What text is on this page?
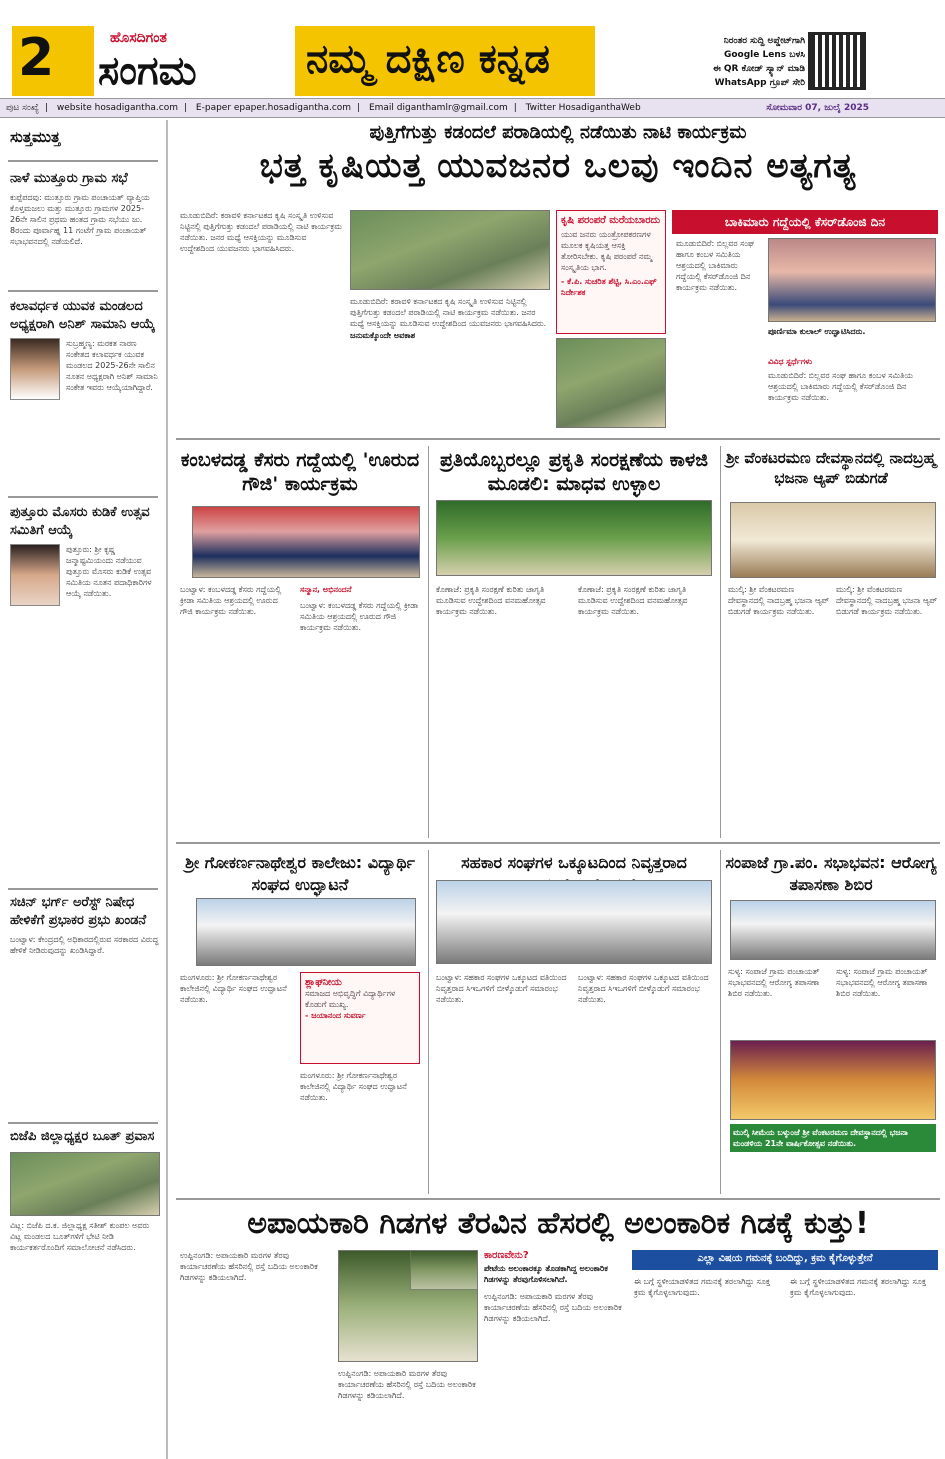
2	ಹೊಸದಿಗಂತ
ಸಂಗಮ	ನಮ್ಮ ದಕ್ಷಿಣ ಕನ್ನಡ	ನಿರಂತರ ಸುದ್ದಿ ಅಪ್ಡೇಟ್‌ಗಾಗಿ
Google Lens ಬಳಸಿ
ಈ QR ಕೋಡ್ ಸ್ಕ್ಯಾನ್ ಮಾಡಿ
WhatsApp ಗ್ರೂಪ್ ಸೇರಿ
ಪುಟ ಸಂಖ್ಯೆ | website hosadigantha.com | E-paper epaper.hosadigantha.com | Email diganthamlr@gmail.com | Twitter HosadiganthaWeb	ಸೋಮವಾರ 07, ಜುಲೈ 2025
ಸುತ್ತಮುತ್ತ
ನಾಳೆ ಮುತ್ತೂರು ಗ್ರಾಮ ಸಭೆ
ಕುಪ್ಪೆಪದವು: ಮುತ್ತೂರು ಗ್ರಾಮ ಪಂಚಾಯತ್ ವ್ಯಾಪ್ತಿಯ ಕೊಳ್ತಮಜಲು ಮತ್ತು ಮುತ್ತೂರು ಗ್ರಾಮಗಳ 2025-26ನೇ ಸಾಲಿನ ಪ್ರಥಮ ಹಂತದ ಗ್ರಾಮ ಸಭೆಯು ಜು. 8ರಂದು ಪೂರ್ವಾಹ್ನ 11 ಗಂಟೆಗೆ ಗ್ರಾಮ ಪಂಚಾಯತ್ ಸಭಾಭವನದಲ್ಲಿ ನಡೆಯಲಿದೆ.
ಕಲಾವರ್ಧಕ ಯುವಕ ಮಂಡಲದ ಅಧ್ಯಕ್ಷರಾಗಿ ಅನಿಶ್ ಸಾಮಾನಿ ಆಯ್ಕೆ
ಸುಬ್ರಹ್ಮಣ್ಯ: ಮರಕತ ನಾರಣ ಸಂಕೇತದ ಕಲಾವರ್ಧಕ ಯುವಕ ಮಂಡಲದ 2025-26ನೇ ಸಾಲಿನ ನೂತನ ಅಧ್ಯಕ್ಷರಾಗಿ ಅನಿಶ್ ಸಾಮಾನಿ ಸಂಕೇತ ಇವರು ಆಯ್ಕೆಯಾಗಿದ್ದಾರೆ.
ಪುತ್ತೂರು ಮೊಸರು ಕುಡಿಕೆ ಉತ್ಸವ ಸಮಿತಿಗೆ ಆಯ್ಕೆ
ಪುತ್ತೂರು: ಶ್ರೀ ಕೃಷ್ಣ ಜನ್ಮಾಷ್ಟಮಿಯಂದು ನಡೆಯುವ ಪುತ್ತೂರು ಮೊಸರು ಕುಡಿಕೆ ಉತ್ಸವ ಸಮಿತಿಯ ನೂತನ ಪದಾಧಿಕಾರಿಗಳ ಆಯ್ಕೆ ನಡೆಯಿತು.
ಸಚಿನ್ ಭರ್ಗ್ ಅರೆಸ್ಟ್ ನಿಷೇಧ ಹೇಳಿಕೆಗೆ ಪ್ರಭಾಕರ ಪ್ರಭು ಖಂಡನೆ
ಬಂಟ್ವಾಳ: ಕೇಂದ್ರದಲ್ಲಿ ಅಧಿಕಾರದಲ್ಲಿರುವ ಸರಕಾರದ ವಿರುದ್ಧ ಹೇಳಿಕೆ ನೀಡಿರುವುದನ್ನು ಖಂಡಿಸಿದ್ದಾರೆ.
ಬಿಜೆಪಿ ಜಿಲ್ಲಾಧ್ಯಕ್ಷರ ಬೂತ್ ಪ್ರವಾಸ
ವಿಟ್ಲ: ಬಿಜೆಪಿ ದ.ಕ. ಜಿಲ್ಲಾಧ್ಯಕ್ಷ ಸತೀಶ್ ಕುಂಪಲ ಅವರು ವಿಟ್ಲ ಮಂಡಲದ ಬೂತ್‌ಗಳಿಗೆ ಭೇಟಿ ನೀಡಿ ಕಾರ್ಯಕರ್ತರೊಂದಿಗೆ ಸಮಾಲೋಚನೆ ನಡೆಸಿದರು.
ಪುತ್ತಿಗೆಗುತ್ತು ಕಡಂದಲೆ ಪರಾಡಿಯಲ್ಲಿ ನಡೆಯಿತು ನಾಟಿ ಕಾರ್ಯಕ್ರಮ
ಭತ್ತ ಕೃಷಿಯತ್ತ ಯುವಜನರ ಒಲವು ಇಂದಿನ ಅತ್ಯಗತ್ಯ
ಮೂಡುಬಿದಿರೆ: ಕರಾವಳಿ ಕರ್ನಾಟಕದ ಕೃಷಿ ಸಂಸ್ಕೃತಿ ಉಳಿಸುವ ನಿಟ್ಟಿನಲ್ಲಿ ಪುತ್ತಿಗೆಗುತ್ತು ಕಡಂದಲೆ ಪರಾಡಿಯಲ್ಲಿ ನಾಟಿ ಕಾರ್ಯಕ್ರಮ ನಡೆಯಿತು. ಜನರ ಮಧ್ಯೆ ಆಸಕ್ತಿಯನ್ನು ಮೂಡಿಸುವ ಉದ್ದೇಶದಿಂದ ಯುವಜನರು ಭಾಗವಹಿಸಿದರು.
ಮೂಡುಬಿದಿರೆ: ಕರಾವಳಿ ಕರ್ನಾಟಕದ ಕೃಷಿ ಸಂಸ್ಕೃತಿ ಉಳಿಸುವ ನಿಟ್ಟಿನಲ್ಲಿ ಪುತ್ತಿಗೆಗುತ್ತು ಕಡಂದಲೆ ಪರಾಡಿಯಲ್ಲಿ ನಾಟಿ ಕಾರ್ಯಕ್ರಮ ನಡೆಯಿತು. ಜನರ ಮಧ್ಯೆ ಆಸಕ್ತಿಯನ್ನು ಮೂಡಿಸುವ ಉದ್ದೇಶದಿಂದ ಯುವಜನರು ಭಾಗವಹಿಸಿದರು.
ಜನುಮಕ್ಕೊಂದೇ ಅವಕಾಶ
ಕೃಷಿ ಪರಂಪರೆ ಮರೆಯಬಾರದು
ಯುವ ಜನರು ಯಂತ್ರೋಪಕರಣಗಳ ಮೂಲಕ ಕೃಷಿಯತ್ತ ಆಸಕ್ತಿ ತೋರಿಸಬೇಕು. ಕೃಷಿ ಪರಂಪರೆ ನಮ್ಮ ಸಂಸ್ಕೃತಿಯ ಭಾಗ.
- ಕೆ.ಪಿ. ಸುಚರಿತ ಶೆಟ್ಟಿ, ಸಿ.ಎಂ.ಎಫ್ ನಿರ್ದೇಶಕ
ಬಾಕಿಮಾರು ಗದ್ದೆಯಲ್ಲಿ ಕೆಸರ್‌ಡೊಂಜಿ ದಿನ
ಮೂಡುಬಿದಿರೆ: ಬಿಲ್ಲವರ ಸಂಘ ಹಾಗೂ ಕಂಬಳ ಸಮಿತಿಯ ಆಶ್ರಯದಲ್ಲಿ ಬಾಕಿಮಾರು ಗದ್ದೆಯಲ್ಲಿ ಕೆಸರ್‌ಡೊಂಜಿ ದಿನ ಕಾರ್ಯಕ್ರಮ ನಡೆಯಿತು.
ಪೂರ್ಣಿಮಾ ಕುಲಾಲ್ ಉದ್ಘಾಟಿಸಿದರು.
ವಿವಿಧ ಸ್ಪರ್ಧೆಗಳು
ಮೂಡುಬಿದಿರೆ: ಬಿಲ್ಲವರ ಸಂಘ ಹಾಗೂ ಕಂಬಳ ಸಮಿತಿಯ ಆಶ್ರಯದಲ್ಲಿ ಬಾಕಿಮಾರು ಗದ್ದೆಯಲ್ಲಿ ಕೆಸರ್‌ಡೊಂಜಿ ದಿನ ಕಾರ್ಯಕ್ರಮ ನಡೆಯಿತು.
ಕಂಬಳದಡ್ಡ ಕೆಸರು ಗದ್ದೆಯಲ್ಲಿ 'ಊರುದ ಗೌಜಿ' ಕಾರ್ಯಕ್ರಮ
ಬಂಟ್ವಾಳ: ಕಂಬಳದಡ್ಡ ಕೆಸರು ಗದ್ದೆಯಲ್ಲಿ ಕ್ರೀಡಾ ಸಮಿತಿಯ ಆಶ್ರಯದಲ್ಲಿ ಊರುದ ಗೌಜಿ ಕಾರ್ಯಕ್ರಮ ನಡೆಯಿತು.
ಸನ್ಮಾನ, ಅಭಿನಂದನೆ
ಬಂಟ್ವಾಳ: ಕಂಬಳದಡ್ಡ ಕೆಸರು ಗದ್ದೆಯಲ್ಲಿ ಕ್ರೀಡಾ ಸಮಿತಿಯ ಆಶ್ರಯದಲ್ಲಿ ಊರುದ ಗೌಜಿ ಕಾರ್ಯಕ್ರಮ ನಡೆಯಿತು.
ಪ್ರತಿಯೊಬ್ಬರಲ್ಲೂ ಪ್ರಕೃತಿ ಸಂರಕ್ಷಣೆಯ ಕಾಳಜಿ ಮೂಡಲಿ: ಮಾಧವ ಉಳ್ಳಾಲ
ಕೊಣಾಜೆ: ಪ್ರಕೃತಿ ಸಂರಕ್ಷಣೆ ಕುರಿತು ಜಾಗೃತಿ ಮೂಡಿಸುವ ಉದ್ದೇಶದಿಂದ ವನಮಹೋತ್ಸವ ಕಾರ್ಯಕ್ರಮ ನಡೆಯಿತು.
ಕೊಣಾಜೆ: ಪ್ರಕೃತಿ ಸಂರಕ್ಷಣೆ ಕುರಿತು ಜಾಗೃತಿ ಮೂಡಿಸುವ ಉದ್ದೇಶದಿಂದ ವನಮಹೋತ್ಸವ ಕಾರ್ಯಕ್ರಮ ನಡೆಯಿತು.
ಶ್ರೀ ವೆಂಕಟರಮಣ ದೇವಸ್ಥಾನದಲ್ಲಿ ನಾದಬ್ರಹ್ಮ ಭಜನಾ ಆ್ಯಪ್ ಬಿಡುಗಡೆ
ಮುಲ್ಕಿ: ಶ್ರೀ ವೆಂಕಟರಮಣ ದೇವಸ್ಥಾನದಲ್ಲಿ ನಾದಬ್ರಹ್ಮ ಭಜನಾ ಆ್ಯಪ್ ಬಿಡುಗಡೆ ಕಾರ್ಯಕ್ರಮ ನಡೆಯಿತು.
ಮುಲ್ಕಿ: ಶ್ರೀ ವೆಂಕಟರಮಣ ದೇವಸ್ಥಾನದಲ್ಲಿ ನಾದಬ್ರಹ್ಮ ಭಜನಾ ಆ್ಯಪ್ ಬಿಡುಗಡೆ ಕಾರ್ಯಕ್ರಮ ನಡೆಯಿತು.
ಶ್ರೀ ಗೋಕರ್ಣನಾಥೇಶ್ವರ ಕಾಲೇಜು: ವಿದ್ಯಾರ್ಥಿ ಸಂಘದ ಉದ್ಘಾಟನೆ
ಮಂಗಳೂರು: ಶ್ರೀ ಗೋಕರ್ಣನಾಥೇಶ್ವರ ಕಾಲೇಜಿನಲ್ಲಿ ವಿದ್ಯಾರ್ಥಿ ಸಂಘದ ಉದ್ಘಾಟನೆ ನಡೆಯಿತು.
ಶ್ಲಾಘನೀಯ
ಸಮಾಜದ ಅಭಿವೃದ್ಧಿಗೆ ವಿದ್ಯಾರ್ಥಿಗಳ ಕೊಡುಗೆ ಮುಖ್ಯ.
- ಜಯಾನಂದ ಸುವರ್ಣ
ಮಂಗಳೂರು: ಶ್ರೀ ಗೋಕರ್ಣನಾಥೇಶ್ವರ ಕಾಲೇಜಿನಲ್ಲಿ ವಿದ್ಯಾರ್ಥಿ ಸಂಘದ ಉದ್ಘಾಟನೆ ನಡೆಯಿತು.
ಸಹಕಾರ ಸಂಘಗಳ ಒಕ್ಕೂಟದಿಂದ ನಿವೃತ್ತರಾದ
ಬಂಟ್ವಾಳ: ಸಹಕಾರ ಸಂಘಗಳ ಒಕ್ಕೂಟದ ವತಿಯಿಂದ ನಿವೃತ್ತರಾದ ಸಿಇಒಗಳಿಗೆ ಬೀಳ್ಕೊಡುಗೆ ಸಮಾರಂಭ ನಡೆಯಿತು.
ಬಂಟ್ವಾಳ: ಸಹಕಾರ ಸಂಘಗಳ ಒಕ್ಕೂಟದ ವತಿಯಿಂದ ನಿವೃತ್ತರಾದ ಸಿಇಒಗಳಿಗೆ ಬೀಳ್ಕೊಡುಗೆ ಸಮಾರಂಭ ನಡೆಯಿತು.
ಸಂಪಾಜೆ ಗ್ರಾ.ಪಂ. ಸಭಾಭವನ: ಆರೋಗ್ಯ ತಪಾಸಣಾ ಶಿಬಿರ
ಸುಳ್ಯ: ಸಂಪಾಜೆ ಗ್ರಾಮ ಪಂಚಾಯತ್ ಸಭಾಭವನದಲ್ಲಿ ಆರೋಗ್ಯ ತಪಾಸಣಾ ಶಿಬಿರ ನಡೆಯಿತು.
ಸುಳ್ಯ: ಸಂಪಾಜೆ ಗ್ರಾಮ ಪಂಚಾಯತ್ ಸಭಾಭವನದಲ್ಲಿ ಆರೋಗ್ಯ ತಪಾಸಣಾ ಶಿಬಿರ ನಡೆಯಿತು.
ಮುಲ್ಕಿ ಸೀಮೆಯ ಬಳ್ಕುಂಜೆ ಶ್ರೀ ವೆಂಕಟರಮಣ ದೇವಸ್ಥಾನದಲ್ಲಿ ಭಜನಾ ಮಂಡಳಿಯ 21ನೇ ವಾರ್ಷಿಕೋತ್ಸವ ನಡೆಯಿತು.
ಅಪಾಯಕಾರಿ ಗಿಡಗಳ ತೆರವಿನ ಹೆಸರಲ್ಲಿ ಅಲಂಕಾರಿಕ ಗಿಡಕ್ಕೆ ಕುತ್ತು!
ಉಪ್ಪಿನಂಗಡಿ: ಅಪಾಯಕಾರಿ ಮರಗಳ ತೆರವು ಕಾರ್ಯಾಚರಣೆಯ ಹೆಸರಿನಲ್ಲಿ ರಸ್ತೆ ಬದಿಯ ಅಲಂಕಾರಿಕ ಗಿಡಗಳನ್ನು ಕಡಿಯಲಾಗಿದೆ.
ಉಪ್ಪಿನಂಗಡಿ: ಅಪಾಯಕಾರಿ ಮರಗಳ ತೆರವು ಕಾರ್ಯಾಚರಣೆಯ ಹೆಸರಿನಲ್ಲಿ ರಸ್ತೆ ಬದಿಯ ಅಲಂಕಾರಿಕ ಗಿಡಗಳನ್ನು ಕಡಿಯಲಾಗಿದೆ.
ಕಾರಣವೇನು?
ಪೇಟೆಯ ಅಲಂಕಾರಕ್ಕೂ ತೊಡಕಾಗಿದ್ದ ಅಲಂಕಾರಿಕ ಗಿಡಗಳನ್ನು ತೆರವುಗೊಳಿಸಲಾಗಿದೆ.
ಉಪ್ಪಿನಂಗಡಿ: ಅಪಾಯಕಾರಿ ಮರಗಳ ತೆರವು ಕಾರ್ಯಾಚರಣೆಯ ಹೆಸರಿನಲ್ಲಿ ರಸ್ತೆ ಬದಿಯ ಅಲಂಕಾರಿಕ ಗಿಡಗಳನ್ನು ಕಡಿಯಲಾಗಿದೆ.
ಎಲ್ಲಾ ವಿಷಯ ಗಮನಕ್ಕೆ ಬಂದಿದ್ದು, ಕ್ರಮ ಕೈಗೊಳ್ಳುತ್ತೇನೆ
ಈ ಬಗ್ಗೆ ಸ್ಥಳೀಯಾಡಳಿತದ ಗಮನಕ್ಕೆ ತರಲಾಗಿದ್ದು ಸೂಕ್ತ ಕ್ರಮ ಕೈಗೊಳ್ಳಲಾಗುವುದು.
ಈ ಬಗ್ಗೆ ಸ್ಥಳೀಯಾಡಳಿತದ ಗಮನಕ್ಕೆ ತರಲಾಗಿದ್ದು ಸೂಕ್ತ ಕ್ರಮ ಕೈಗೊಳ್ಳಲಾಗುವುದು.
